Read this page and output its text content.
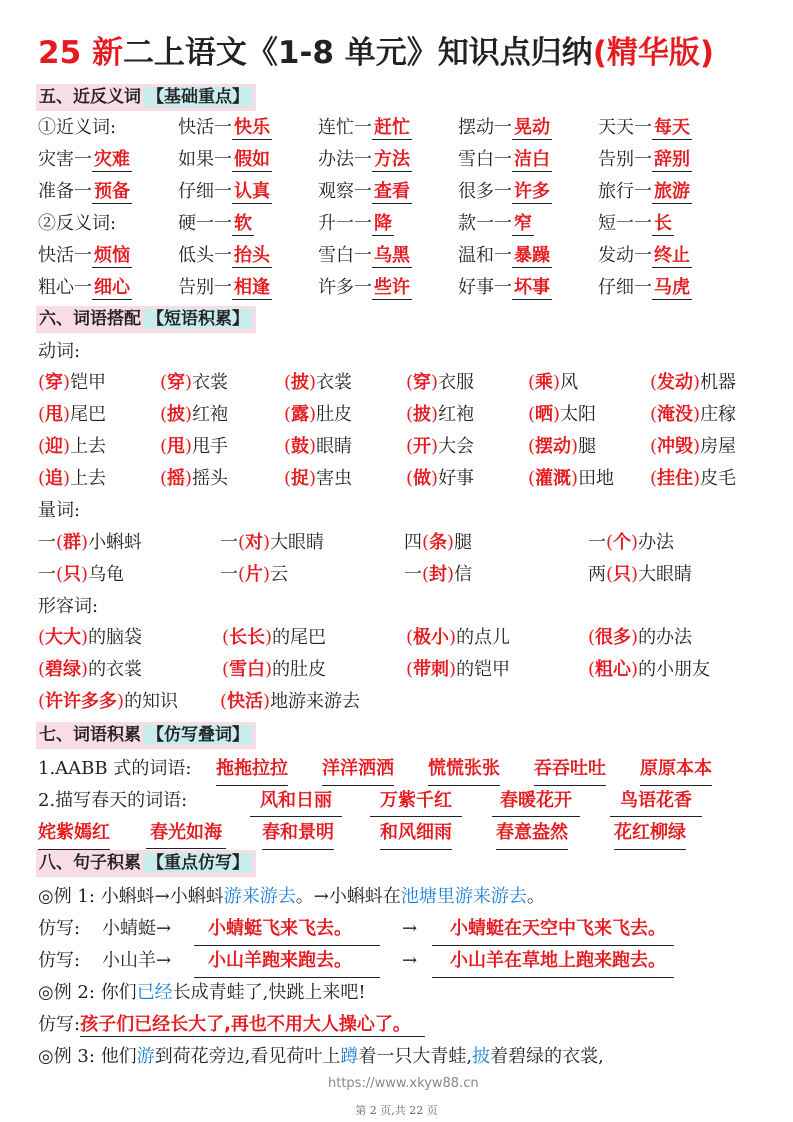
25 新二上语文《1-8 单元》知识点归纳(精华版)
五、近反义词 【基础重点】
①近义词:	快活一 快乐	连忙一 赶忙	摆动一 晃动	天天一 每天
灾害一 灾难	如果一 假如	办法一 方法	雪白一 洁白	告别一 辞别
准备一 预备	仔细一 认真	观察一 查看	很多一 许多	旅行一 旅游
②反义词:	硬一一 软	升一一 降	款一一 窄	短一一 长
快活一 烦恼	低头一 抬头	雪白一 乌黑	温和一 暴躁	发动一 终止
粗心一 细心	告别一 相逢	许多一 些许	好事一 坏事	仔细一 马虎
六、词语搭配 【短语积累】
动词:
(穿)铠甲	(穿)衣裳	(披)衣裳	(穿)衣服	(乘)风	(发动)机器
(甩)尾巴	(披)红袍	(露)肚皮	(披)红袍	(晒)太阳	(淹没)庄稼
(迎)上去	(甩)甩手	(鼓)眼睛	(开)大会	(摆动)腿	(冲毁)房屋
(追)上去	(摇)摇头	(捉)害虫	(做)好事	(灌溉)田地 (挂住)皮毛
量词:
一(群)小蝌蚪	一(对)大眼睛	四(条)腿	一(个)办法
一(只)乌龟	一(片)云	一(封)信	两(只)大眼睛
形容词:
(大大)的脑袋	(长长)的尾巴	(极小)的点儿	(很多)的办法
(碧绿)的衣裳	(雪白)的肚皮	(带刺)的铠甲	(粗心)的小朋友
(许许多多)的知识 (快活)地游来游去
七、词语积累 【仿写叠词】
1.AABB 式的词语: 拖拖拉拉 洋洋洒洒 慌慌张张 吞吞吐吐 原原本本
2.描写春天的词语:	风和日丽	万紫千红	春暖花开	鸟语花香
姹紫嫣红 春光如海 春和景明	和风细雨 春意盎然	花红柳绿
八、句子积累 【重点仿写】
◎例 1: 小蝌蚪→小蝌蚪游来游去。→小蝌蚪在池塘里游来游去。
仿写: 小蜻蜓→	小蜻蜓飞来飞去。	→	小蜻蜓在天空中飞来飞去。
仿写: 小山羊→	小山羊跑来跑去。	→	小山羊在草地上跑来跑去。
◎例 2: 你们已经长成青蛙了,快跳上来吧!
仿写:孩子们已经长大了,再也不用大人操心了。
◎例 3: 他们游到荷花旁边,看见荷叶上蹲着一只大青蛙,披着碧绿的衣裳,
https://www.xkyw88.cn
第 2 页,共 22 页
